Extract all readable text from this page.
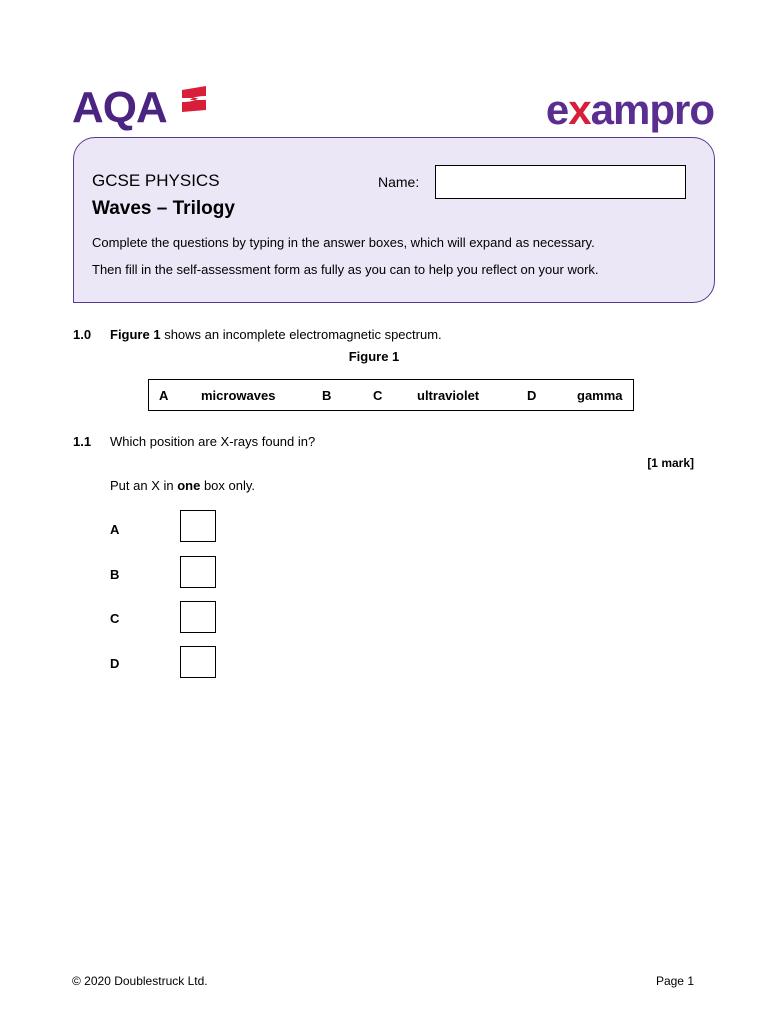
AQA	exampro
GCSE PHYSICS
Waves – Trilogy
Name:
Complete the questions by typing in the answer boxes, which will expand as necessary.
Then fill in the self-assessment form as fully as you can to help you reflect on your work.
1.0 Figure 1 shows an incomplete electromagnetic spectrum.
Figure 1
A	microwaves	B	C	ultraviolet	D	gamma
1.1 Which position are X-rays found in?
[1 mark]
Put an X in one box only.
A
B
C
D
© 2020 Doublestruck Ltd.	Page 1
